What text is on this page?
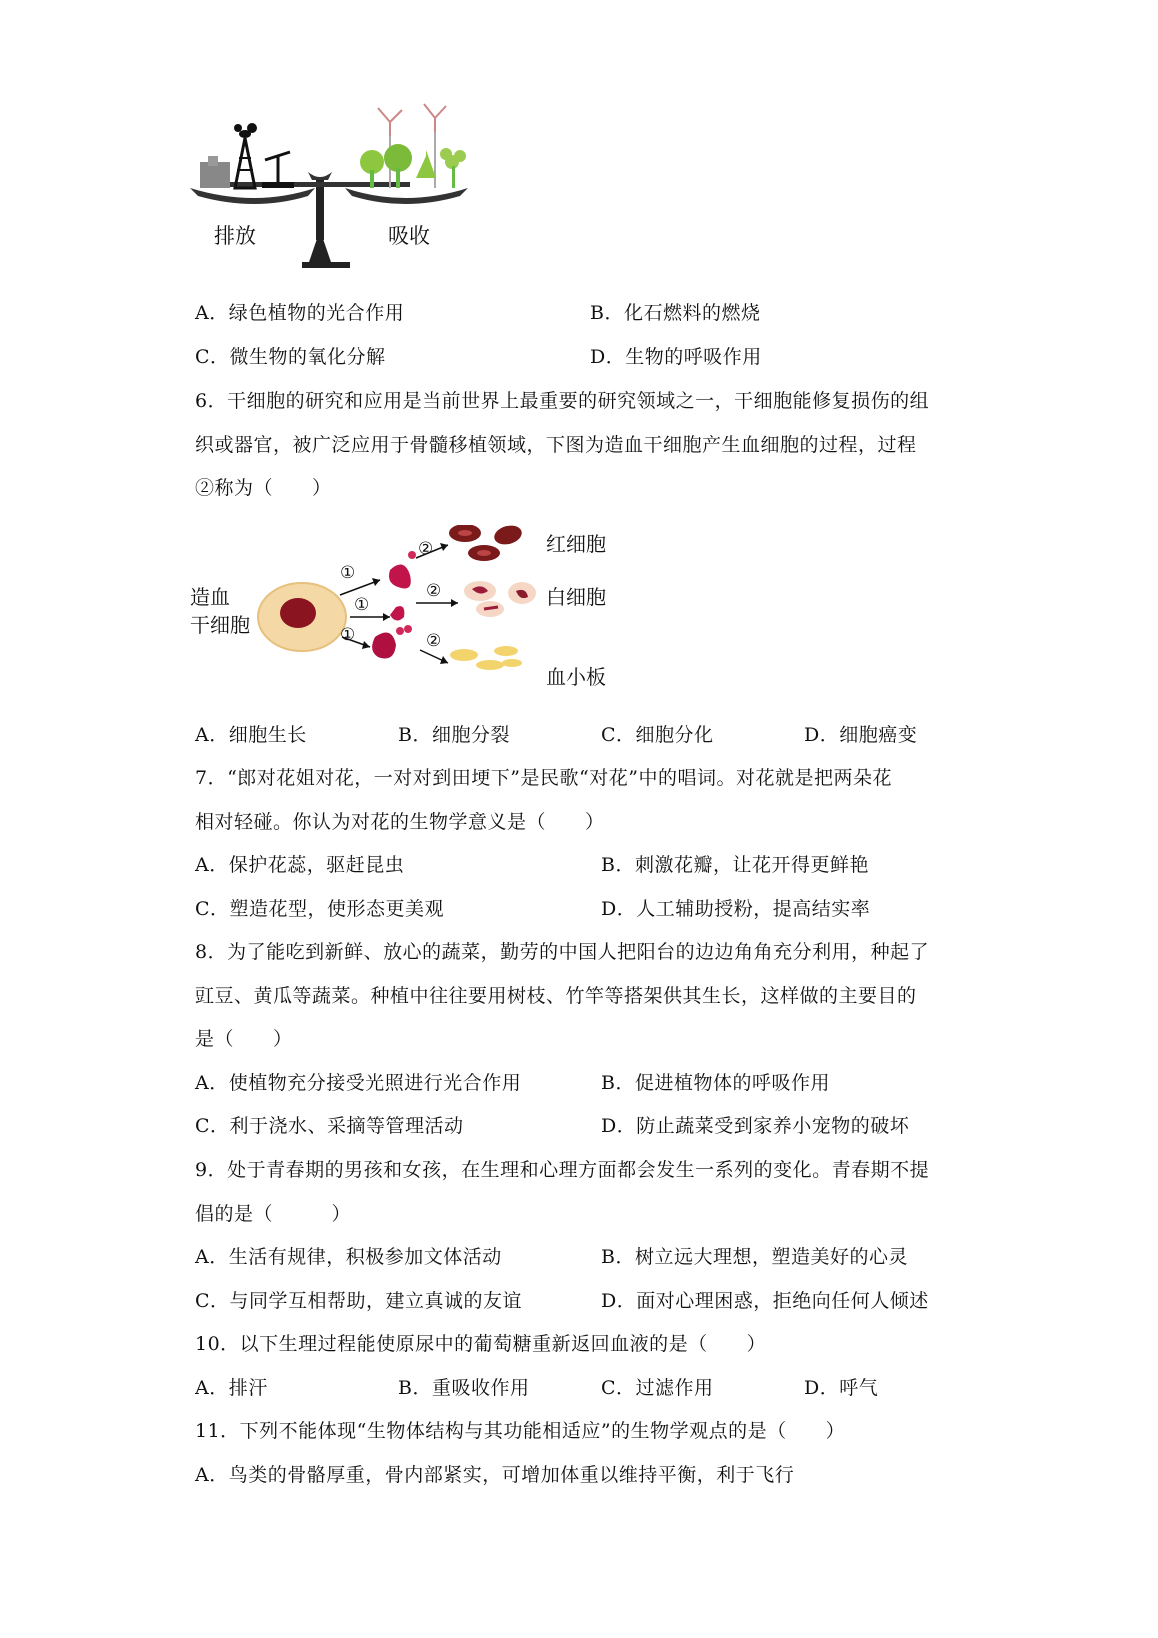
排放	吸收
A．绿色植物的光合作用	B．化石燃料的燃烧
C．微生物的氧化分解	D．生物的呼吸作用
6．干细胞的研究和应用是当前世界上最重要的研究领域之一，干细胞能修复损伤的组
织或器官，被广泛应用于骨髓移植领域，下图为造血干细胞产生血细胞的过程，过程
②称为（　　）
造血
干细胞
①
①
①
②
②
②
红细胞
白细胞
血小板
A．细胞生长	B．细胞分裂	C．细胞分化	D．细胞癌变
7．“郎对花姐对花，一对对到田埂下”是民歌“对花”中的唱词。对花就是把两朵花
相对轻碰。你认为对花的生物学意义是（　　）
A．保护花蕊，驱赶昆虫	B．刺激花瓣，让花开得更鲜艳
C．塑造花型，使形态更美观	D．人工辅助授粉，提高结实率
8．为了能吃到新鲜、放心的蔬菜，勤劳的中国人把阳台的边边角角充分利用，种起了
豇豆、黄瓜等蔬菜。种植中往往要用树枝、竹竿等搭架供其生长，这样做的主要目的
是（　　）
A．使植物充分接受光照进行光合作用	B．促进植物体的呼吸作用
C．利于浇水、采摘等管理活动	D．防止蔬菜受到家养小宠物的破坏
9．处于青春期的男孩和女孩，在生理和心理方面都会发生一系列的变化。青春期不提
倡的是（　　　）
A．生活有规律，积极参加文体活动	B．树立远大理想，塑造美好的心灵
C．与同学互相帮助，建立真诚的友谊	D．面对心理困惑，拒绝向任何人倾述
10．以下生理过程能使原尿中的葡萄糖重新返回血液的是（　　）
A．排汗	B．重吸收作用	C．过滤作用	D．呼气
11．下列不能体现“生物体结构与其功能相适应”的生物学观点的是（　　）
A．鸟类的骨骼厚重，骨内部紧实，可增加体重以维持平衡，利于飞行
